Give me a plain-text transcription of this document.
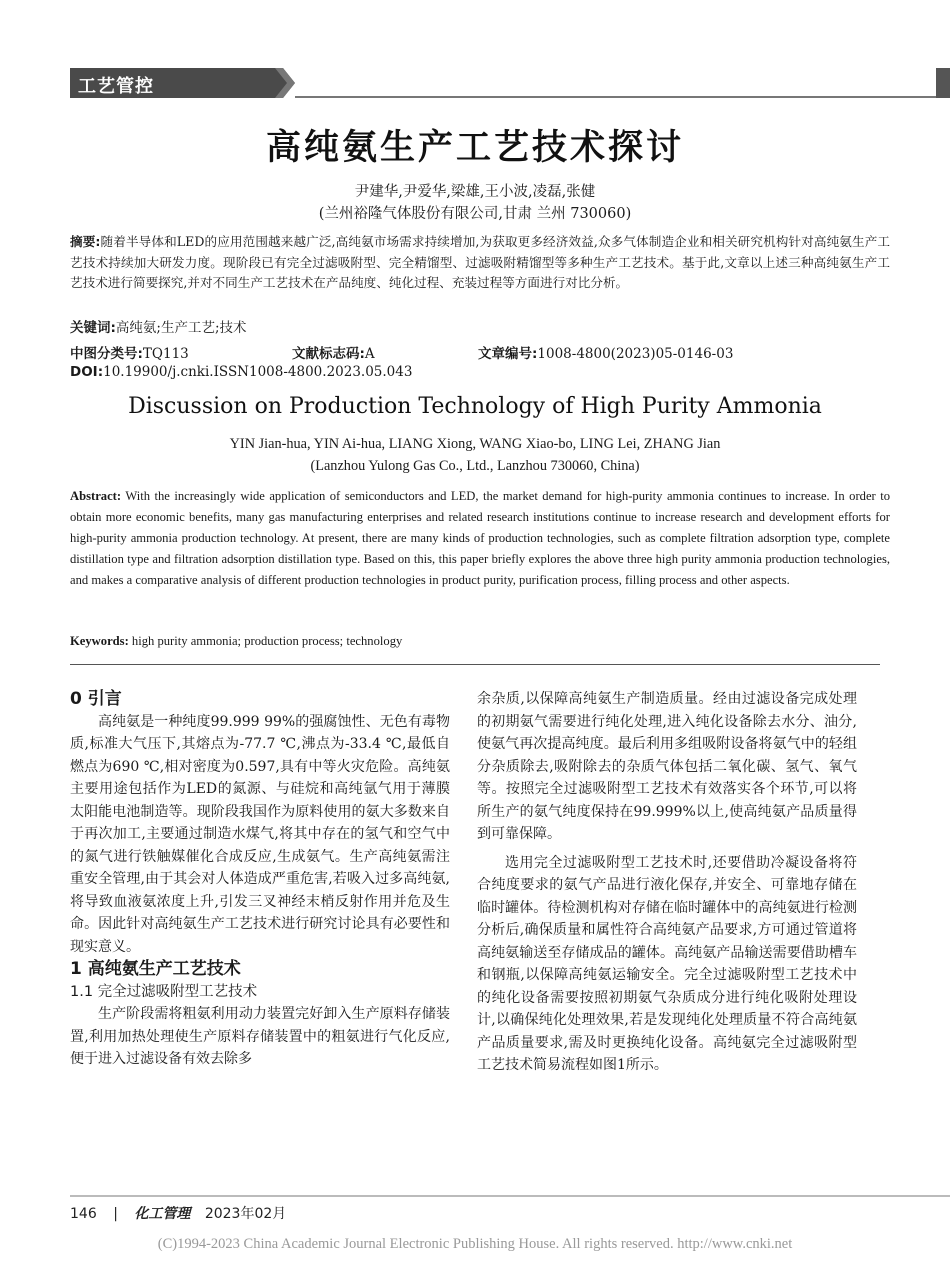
工艺管控
高纯氨生产工艺技术探讨
尹建华,尹爱华,梁雄,王小波,凌磊,张健
(兰州裕隆气体股份有限公司,甘肃 兰州 730060)
摘要:随着半导体和LED的应用范围越来越广泛,高纯氨市场需求持续增加,为获取更多经济效益,众多气体制造企业和相关研究机构针对高纯氨生产工艺技术持续加大研发力度。现阶段已有完全过滤吸附型、完全精馏型、过滤吸附精馏型等多种生产工艺技术。基于此,文章以上述三种高纯氨生产工艺技术进行简要探究,并对不同生产工艺技术在产品纯度、纯化过程、充装过程等方面进行对比分析。
关键词:高纯氨;生产工艺;技术
中图分类号:TQ113	文献标志码:A	文章编号:1008-4800(2023)05-0146-03
DOI:10.19900/j.cnki.ISSN1008-4800.2023.05.043
Discussion on Production Technology of High Purity Ammonia
YIN Jian-hua, YIN Ai-hua, LIANG Xiong, WANG Xiao-bo, LING Lei, ZHANG Jian
(Lanzhou Yulong Gas Co., Ltd., Lanzhou 730060, China)
Abstract: With the increasingly wide application of semiconductors and LED, the market demand for high-purity ammonia continues to increase. In order to obtain more economic benefits, many gas manufacturing enterprises and related research institutions continue to increase research and development efforts for high-purity ammonia production technology. At present, there are many kinds of production technologies, such as complete filtration adsorption type, complete distillation type and filtration adsorption distillation type. Based on this, this paper briefly explores the above three high purity ammonia production technologies, and makes a comparative analysis of different production technologies in product purity, purification process, filling process and other aspects.
Keywords: high purity ammonia; production process; technology

0 引言

高纯氨是一种纯度99.999 99%的强腐蚀性、无色有毒物质,标准大气压下,其熔点为-77.7 ℃,沸点为-33.4 ℃,最低自燃点为690 ℃,相对密度为0.597,具有中等火灾危险。高纯氨主要用途包括作为LED的氮源、与硅烷和高纯氩气用于薄膜太阳能电池制造等。现阶段我国作为原料使用的氨大多数来自于再次加工,主要通过制造水煤气,将其中存在的氢气和空气中的氮气进行铁触媒催化合成反应,生成氨气。生产高纯氨需注重安全管理,由于其会对人体造成严重危害,若吸入过多高纯氨,将导致血液氨浓度上升,引发三叉神经末梢反射作用并危及生命。因此针对高纯氨生产工艺技术进行研究讨论具有必要性和现实意义。

1 高纯氨生产工艺技术

1.1 完全过滤吸附型工艺技术

生产阶段需将粗氨利用动力装置完好卸入生产原料存储装置,利用加热处理使生产原料存储装置中的粗氨进行气化反应,便于进入过滤设备有效去除多

余杂质,以保障高纯氨生产制造质量。经由过滤设备完成处理的初期氨气需要进行纯化处理,进入纯化设备除去水分、油分,使氨气再次提高纯度。最后利用多组吸附设备将氨气中的轻组分杂质除去,吸附除去的杂质气体包括二氧化碳、氢气、氧气等。按照完全过滤吸附型工艺技术有效落实各个环节,可以将所生产的氨气纯度保持在99.999%以上,使高纯氨产品质量得到可靠保障。

选用完全过滤吸附型工艺技术时,还要借助冷凝设备将符合纯度要求的氨气产品进行液化保存,并安全、可靠地存储在临时罐体。待检测机构对存储在临时罐体中的高纯氨进行检测分析后,确保质量和属性符合高纯氨产品要求,方可通过管道将高纯氨输送至存储成品的罐体。高纯氨产品输送需要借助槽车和钢瓶,以保障高纯氨运输安全。完全过滤吸附型工艺技术中的纯化设备需要按照初期氨气杂质成分进行纯化吸附处理设计,以确保纯化处理效果,若是发现纯化处理质量不符合高纯氨产品质量要求,需及时更换纯化设备。高纯氨完全过滤吸附型工艺技术简易流程如图1所示。

146 | 化工管理 2023年02月
(C)1994-2023 China Academic Journal Electronic Publishing House. All rights reserved. http://www.cnki.net
